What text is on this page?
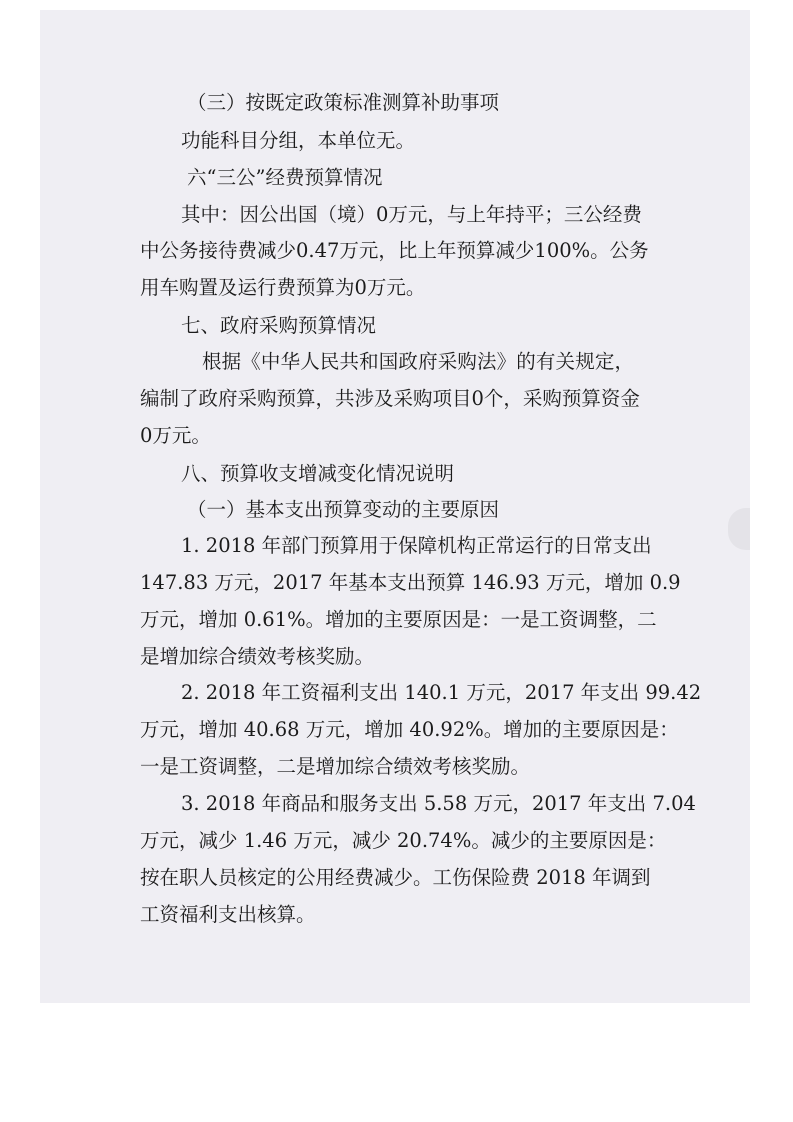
（三）按既定政策标准测算补助事项
功能科目分组，本单位无。
六“三公”经费预算情况
其中：因公出国（境）0万元，与上年持平；三公经费
中公务接待费减少0.47万元，比上年预算减少100%。公务
用车购置及运行费预算为0万元。
七、政府采购预算情况
根据《中华人民共和国政府采购法》的有关规定，
编制了政府采购预算，共涉及采购项目0个，采购预算资金
0万元。
八、预算收支增减变化情况说明
（一）基本支出预算变动的主要原因
1. 2018 年部门预算用于保障机构正常运行的日常支出
147.83 万元，2017 年基本支出预算 146.93 万元，增加 0.9
万元，增加 0.61%。增加的主要原因是：一是工资调整，二
是增加综合绩效考核奖励。
2. 2018 年工资福利支出 140.1 万元，2017 年支出 99.42
万元，增加 40.68 万元，增加 40.92%。增加的主要原因是：
一是工资调整，二是增加综合绩效考核奖励。
3. 2018 年商品和服务支出 5.58 万元，2017 年支出 7.04
万元，减少 1.46 万元，减少 20.74%。减少的主要原因是：
按在职人员核定的公用经费减少。工伤保险费 2018 年调到
工资福利支出核算。
